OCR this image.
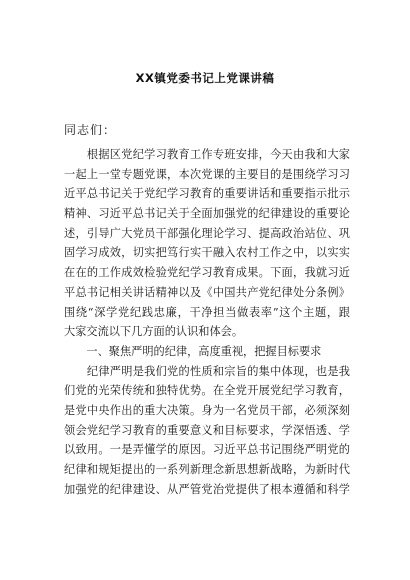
XX镇党委书记上党课讲稿
同志们：
　　根据区党纪学习教育工作专班安排，今天由我和大家
一起上一堂专题党课，本次党课的主要目的是围绕学习习
近平总书记关于党纪学习教育的重要讲话和重要指示批示
精神、习近平总书记关于全面加强党的纪律建设的重要论
述，引导广大党员干部强化理论学习、提高政治站位、巩
固学习成效，切实把笃行实干融入农村工作之中，以实实
在在的工作成效检验党纪学习教育成果。下面，我就习近
平总书记相关讲话精神以及《中国共产党纪律处分条例》
围绕“深学党纪践忠廉，干净担当做表率”这个主题，跟
大家交流以下几方面的认识和体会。
　　一、聚焦严明的纪律，高度重视，把握目标要求
　　纪律严明是我们党的性质和宗旨的集中体现，也是我
们党的光荣传统和独特优势。在全党开展党纪学习教育，
是党中央作出的重大决策。身为一名党员干部，必须深刻
领会党纪学习教育的重要意义和目标要求，学深悟透、学
以致用。一是弄懂学的原因。习近平总书记围绕严明党的
纪律和规矩提出的一系列新理念新思想新战略，为新时代
加强党的纪律建设、从严管党治党提供了根本遵循和科学
